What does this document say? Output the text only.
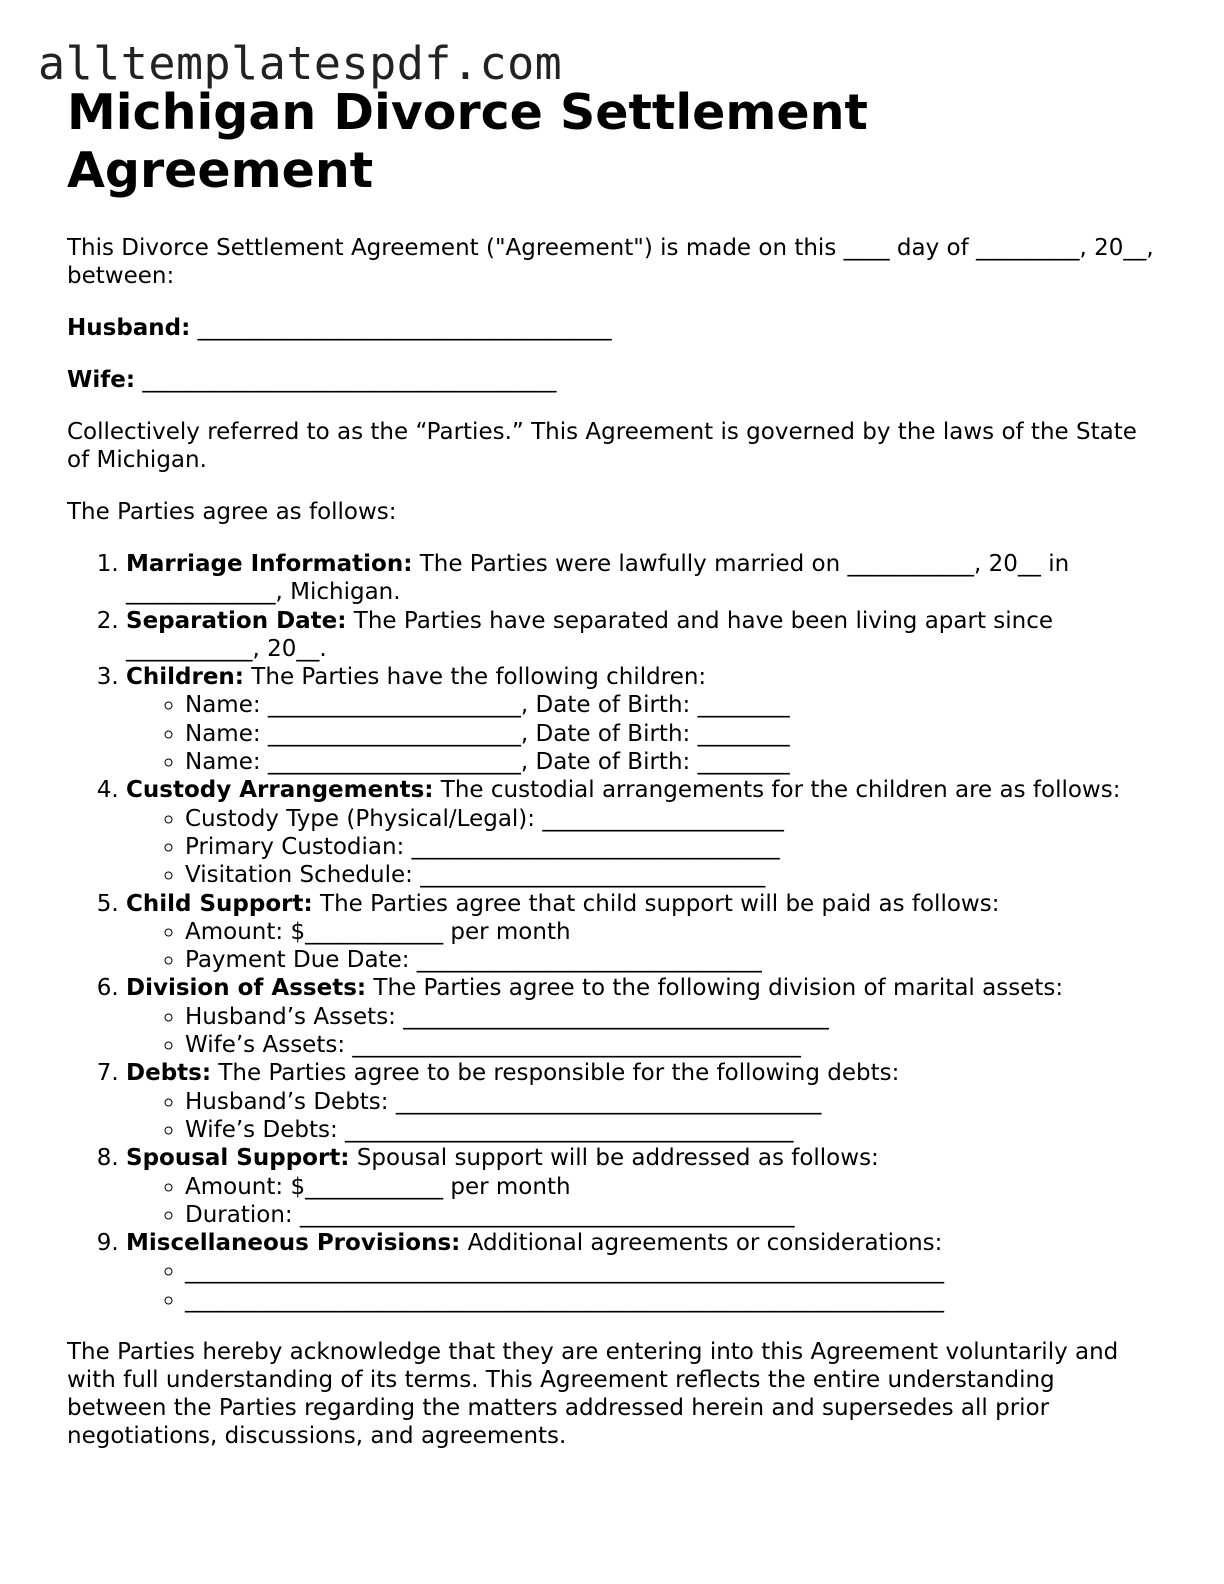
alltemplatespdf.com
Michigan Divorce Settlement Agreement

This Divorce Settlement Agreement ("Agreement") is made on this ____ day of _________, 20__, between:

Husband: ____________________________________

Wife: ____________________________________

Collectively referred to as the “Parties.” This Agreement is governed by the laws of the State of Michigan.

The Parties agree as follows:

1. Marriage Information: The Parties were lawfully married on ___________, 20__ in _____________, Michigan.
2. Separation Date: The Parties have separated and have been living apart since ___________, 20__.
3. Children: The Parties have the following children:
◦ Name: ______________________, Date of Birth: ________
◦ Name: ______________________, Date of Birth: ________
◦ Name: ______________________, Date of Birth: ________
4. Custody Arrangements: The custodial arrangements for the children are as follows:
◦ Custody Type (Physical/Legal): _____________________
◦ Primary Custodian: ________________________________
◦ Visitation Schedule: ______________________________
5. Child Support: The Parties agree that child support will be paid as follows:
◦ Amount: $____________ per month
◦ Payment Due Date: ______________________________
6. Division of Assets: The Parties agree to the following division of marital assets:
◦ Husband’s Assets: _____________________________________
◦ Wife’s Assets: _______________________________________
7. Debts: The Parties agree to be responsible for the following debts:
◦ Husband’s Debts: _____________________________________
◦ Wife’s Debts: _______________________________________
8. Spousal Support: Spousal support will be addressed as follows:
◦ Amount: $____________ per month
◦ Duration: ___________________________________________
9. Miscellaneous Provisions: Additional agreements or considerations:
◦ __________________________________________________________________
◦ __________________________________________________________________

The Parties hereby acknowledge that they are entering into this Agreement voluntarily and with full understanding of its terms. This Agreement reflects the entire understanding between the Parties regarding the matters addressed herein and supersedes all prior negotiations, discussions, and agreements.
